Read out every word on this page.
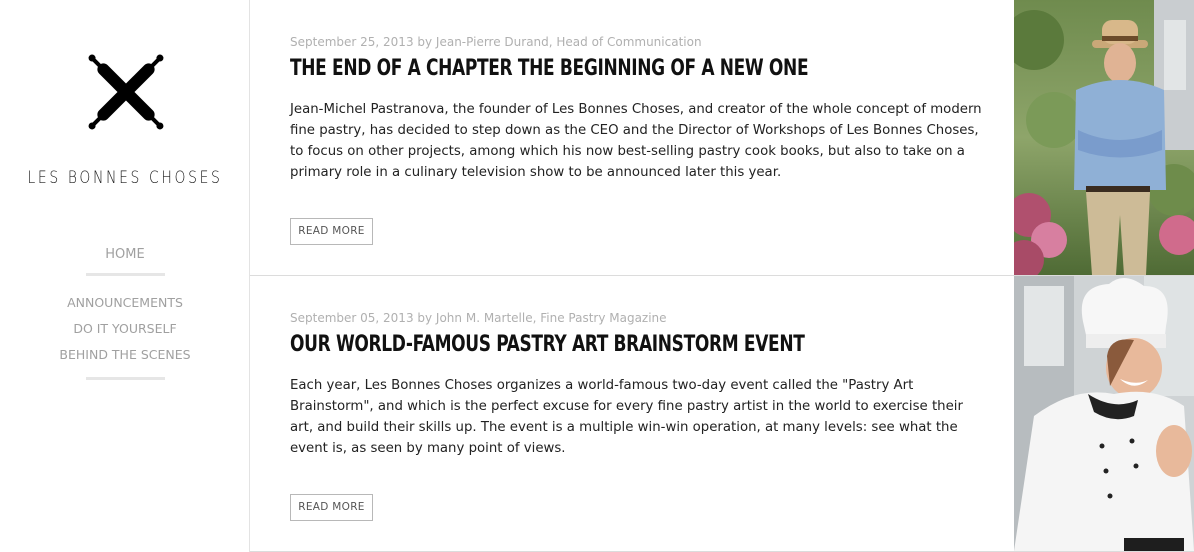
LES BONNES CHOSES
HOME
ANNOUNCEMENTS
DO IT YOURSELF
BEHIND THE SCENES
September 25, 2013 by Jean-Pierre Durand, Head of Communication
THE END OF A CHAPTER THE BEGINNING OF A NEW ONE
Jean-Michel Pastranova, the founder of Les Bonnes Choses, and creator of the whole concept of modern fine pastry, has decided to step down as the CEO and the Director of Workshops of Les Bonnes Choses, to focus on other projects, among which his now best-selling pastry cook books, but also to take on a primary role in a culinary television show to be announced later this year.
READ MORE
September 05, 2013 by John M. Martelle, Fine Pastry Magazine
OUR WORLD-FAMOUS PASTRY ART BRAINSTORM EVENT
Each year, Les Bonnes Choses organizes a world-famous two-day event called the "Pastry Art Brainstorm", and which is the perfect excuse for every fine pastry artist in the world to exercise their art, and build their skills up. The event is a multiple win-win operation, at many levels: see what the event is, as seen by many point of views.
READ MORE
